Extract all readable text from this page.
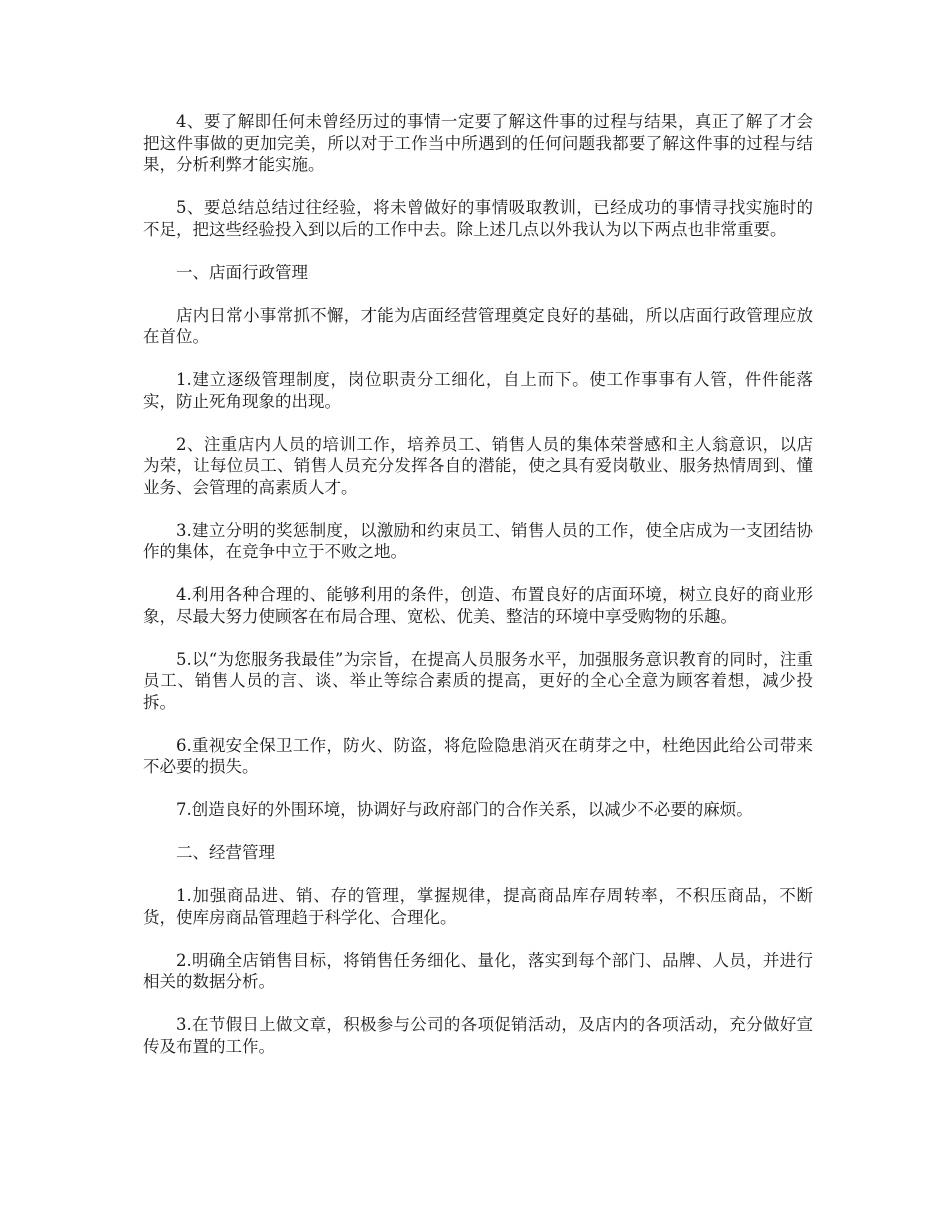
4、要了解即任何未曾经历过的事情一定要了解这件事的过程与结果，真正了解了才会把这件事做的更加完美，所以对于工作当中所遇到的任何问题我都要了解这件事的过程与结果，分析利弊才能实施。

5、要总结总结过往经验，将未曾做好的事情吸取教训，已经成功的事情寻找实施时的不足，把这些经验投入到以后的工作中去。除上述几点以外我认为以下两点也非常重要。

一、店面行政管理

店内日常小事常抓不懈，才能为店面经营管理奠定良好的基础，所以店面行政管理应放在首位。

1.建立逐级管理制度，岗位职责分工细化，自上而下。使工作事事有人管，件件能落实，防止死角现象的出现。

2、注重店内人员的培训工作，培养员工、销售人员的集体荣誉感和主人翁意识，以店为荣，让每位员工、销售人员充分发挥各自的潜能，使之具有爱岗敬业、服务热情周到、懂业务、会管理的高素质人才。

3.建立分明的奖惩制度，以激励和约束员工、销售人员的工作，使全店成为一支团结协作的集体，在竞争中立于不败之地。

4.利用各种合理的、能够利用的条件，创造、布置良好的店面环境，树立良好的商业形象，尽最大努力使顾客在布局合理、宽松、优美、整洁的环境中享受购物的乐趣。

5.以“为您服务我最佳”为宗旨，在提高人员服务水平，加强服务意识教育的同时，注重员工、销售人员的言、谈、举止等综合素质的提高，更好的全心全意为顾客着想，减少投拆。

6.重视安全保卫工作，防火、防盗，将危险隐患消灭在萌芽之中，杜绝因此给公司带来不必要的损失。

7.创造良好的外围环境，协调好与政府部门的合作关系，以减少不必要的麻烦。

二、经营管理

1.加强商品进、销、存的管理，掌握规律，提高商品库存周转率，不积压商品，不断货，使库房商品管理趋于科学化、合理化。

2.明确全店销售目标，将销售任务细化、量化，落实到每个部门、品牌、人员，并进行相关的数据分析。

3.在节假日上做文章，积极参与公司的各项促销活动，及店内的各项活动，充分做好宣传及布置的工作。
